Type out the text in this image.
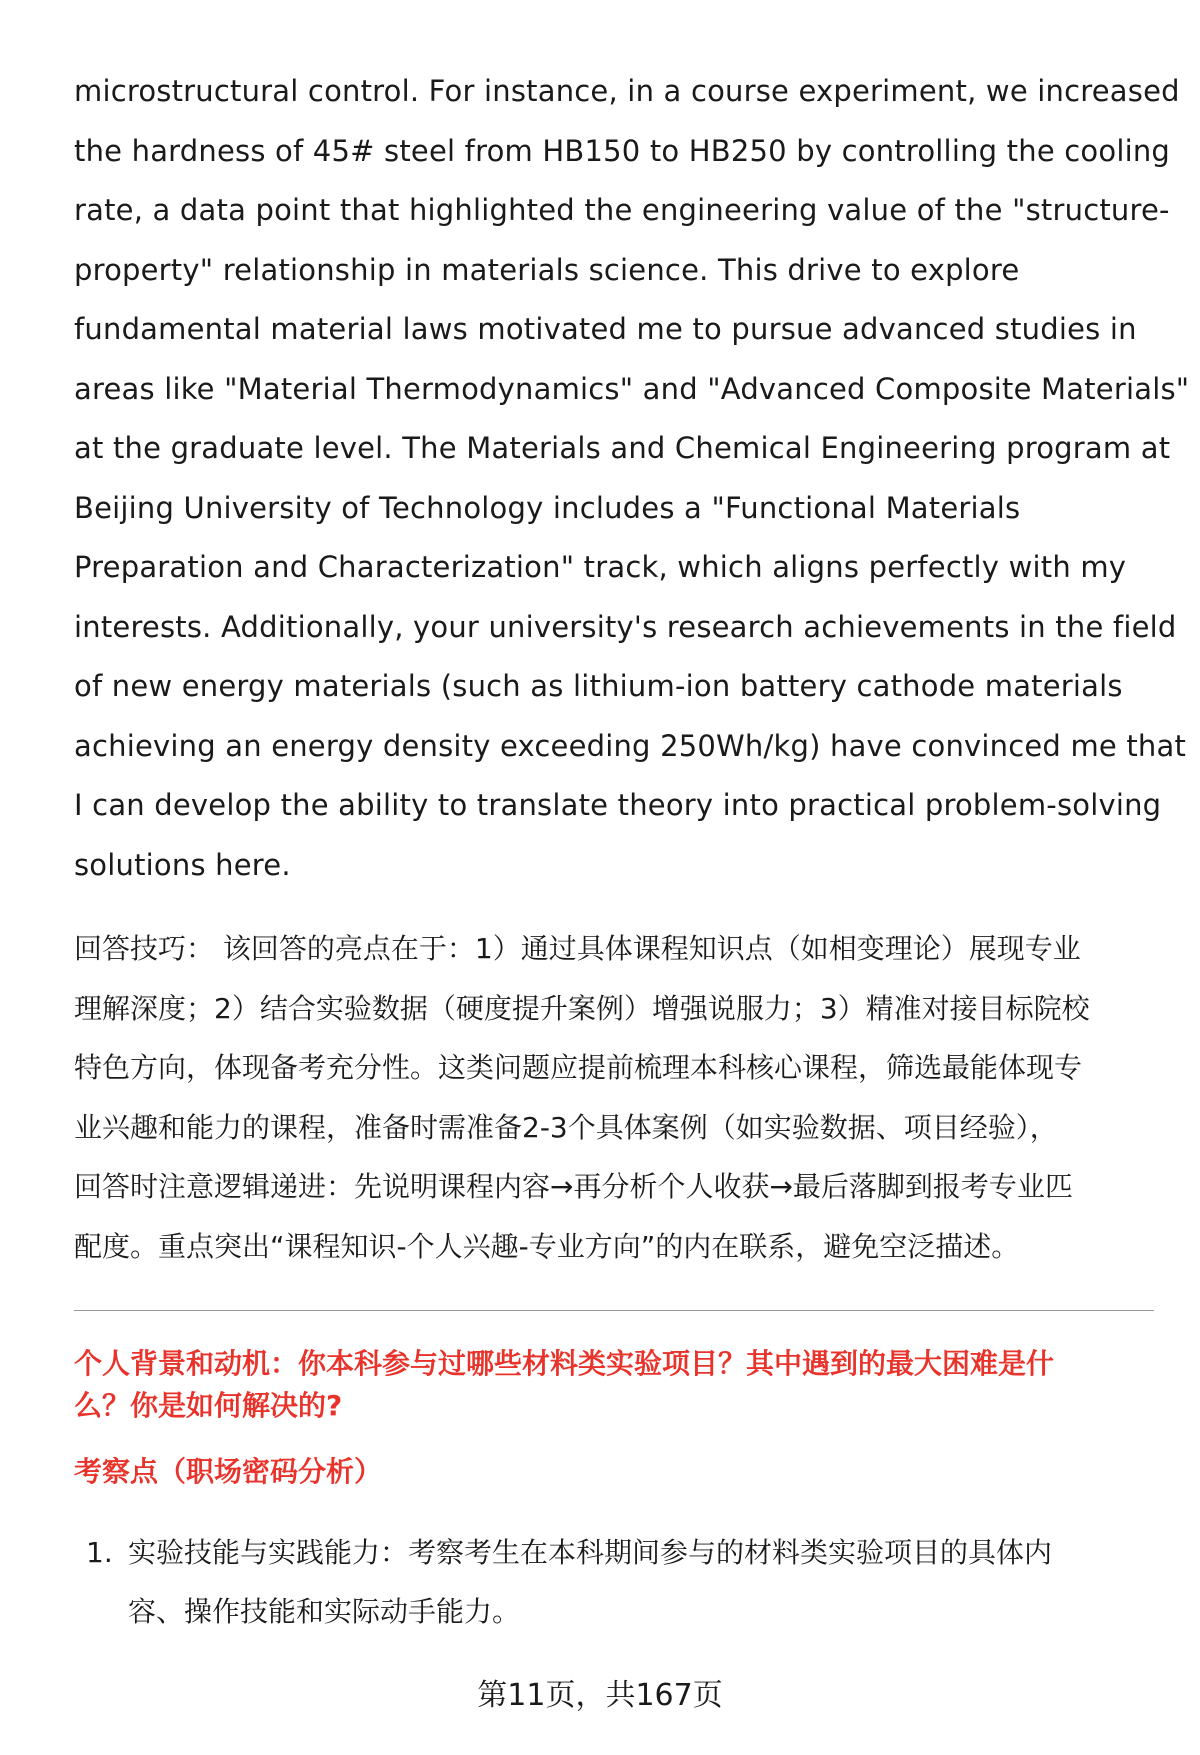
microstructural control. For instance, in a course experiment, we increased
the hardness of 45# steel from HB150 to HB250 by controlling the cooling
rate, a data point that highlighted the engineering value of the "structure-
property" relationship in materials science. This drive to explore
fundamental material laws motivated me to pursue advanced studies in
areas like "Material Thermodynamics" and "Advanced Composite Materials"
at the graduate level. The Materials and Chemical Engineering program at
Beijing University of Technology includes a "Functional Materials
Preparation and Characterization" track, which aligns perfectly with my
interests. Additionally, your university's research achievements in the field
of new energy materials (such as lithium-ion battery cathode materials
achieving an energy density exceeding 250Wh/kg) have convinced me that
I can develop the ability to translate theory into practical problem-solving
solutions here.

回答技巧： 该回答的亮点在于：1）通过具体课程知识点（如相变理论）展现专业
理解深度；2）结合实验数据（硬度提升案例）增强说服力；3）精准对接目标院校
特色方向，体现备考充分性。这类问题应提前梳理本科核心课程，筛选最能体现专
业兴趣和能力的课程，准备时需准备2-3个具体案例（如实验数据、项目经验），
回答时注意逻辑递进：先说明课程内容→再分析个人收获→最后落脚到报考专业匹
配度。重点突出“课程知识-个人兴趣-专业方向”的内在联系，避免空泛描述。

个人背景和动机：你本科参与过哪些材料类实验项目？其中遇到的最大困难是什
么？你是如何解决的?
考察点（职场密码分析）
1. 实验技能与实践能力：考察考生在本科期间参与的材料类实验项目的具体内
容、操作技能和实际动手能力。
第11页，共167页
